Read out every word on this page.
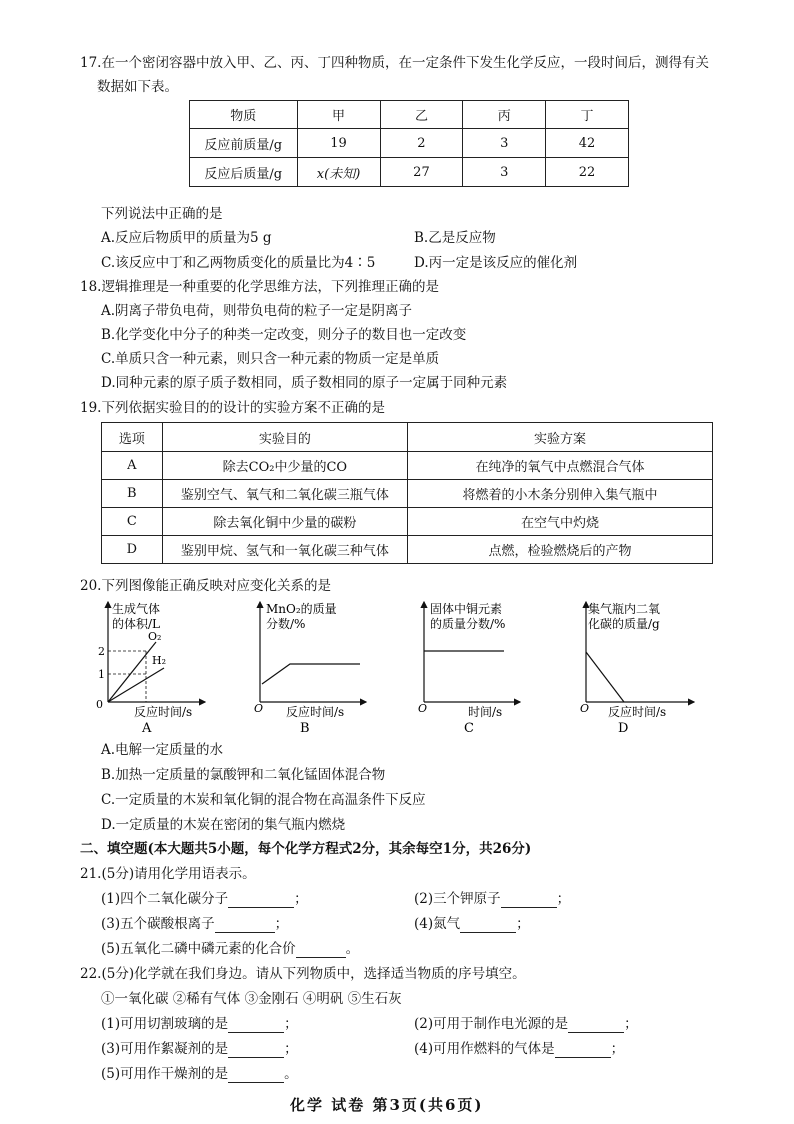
17.在一个密闭容器中放入甲、乙、丙、丁四种物质，在一定条件下发生化学反应，一段时间后，测得有关
数据如下表。
物质	甲	乙	丙	丁
反应前质量/g	19	2	3	42
反应后质量/g	x(未知)	27	3	22
下列说法中正确的是
A.反应后物质甲的质量为5 g	B.乙是反应物
C.该反应中丁和乙两物质变化的质量比为4∶5	D.丙一定是该反应的催化剂
18.逻辑推理是一种重要的化学思维方法，下列推理正确的是
A.阴离子带负电荷，则带负电荷的粒子一定是阴离子
B.化学变化中分子的种类一定改变，则分子的数目也一定改变
C.单质只含一种元素，则只含一种元素的物质一定是单质
D.同种元素的原子质子数相同，质子数相同的原子一定属于同种元素
19.下列依据实验目的的设计的实验方案不正确的是
选项	实验目的	实验方案
A	除去CO₂中少量的CO	在纯净的氧气中点燃混合气体
B	鉴别空气、氧气和二氧化碳三瓶气体	将燃着的小木条分别伸入集气瓶中
C	除去氧化铜中少量的碳粉	在空气中灼烧
D	鉴别甲烷、氢气和一氧化碳三种气体	点燃，检验燃烧后的产物
20.下列图像能正确反映对应变化关系的是
生成气体
的体积/L
0
1
2
O₂
H₂
反应时间/s
A
MnO₂的质量
分数/%
O 反应时间/s
B
固体中铜元素
的质量分数/%
O	时间/s
C
集气瓶内二氧
化碳的质量/g
O 反应时间/s
D
A.电解一定质量的水
B.加热一定质量的氯酸钾和二氧化锰固体混合物
C.一定质量的木炭和氧化铜的混合物在高温条件下反应
D.一定质量的木炭在密闭的集气瓶内燃烧
二、填空题(本大题共5小题，每个化学方程式2分，其余每空1分，共26分)
21.(5分)请用化学用语表示。
(1)四个二氧化碳分子	；	(2)三个钾原子	；
(3)五个碳酸根离子	；	(4)氮气	；
(5)五氧化二磷中磷元素的化合价	。
22.(5分)化学就在我们身边。请从下列物质中，选择适当物质的序号填空。
①一氧化碳 ②稀有气体 ③金刚石 ④明矾 ⑤生石灰
(1)可用切割玻璃的是	；	(2)可用于制作电光源的是	；
(3)可用作絮凝剂的是	；	(4)可用作燃料的气体是	；
(5)可用作干燥剂的是	。
化学 试卷 第3页(共6页)
